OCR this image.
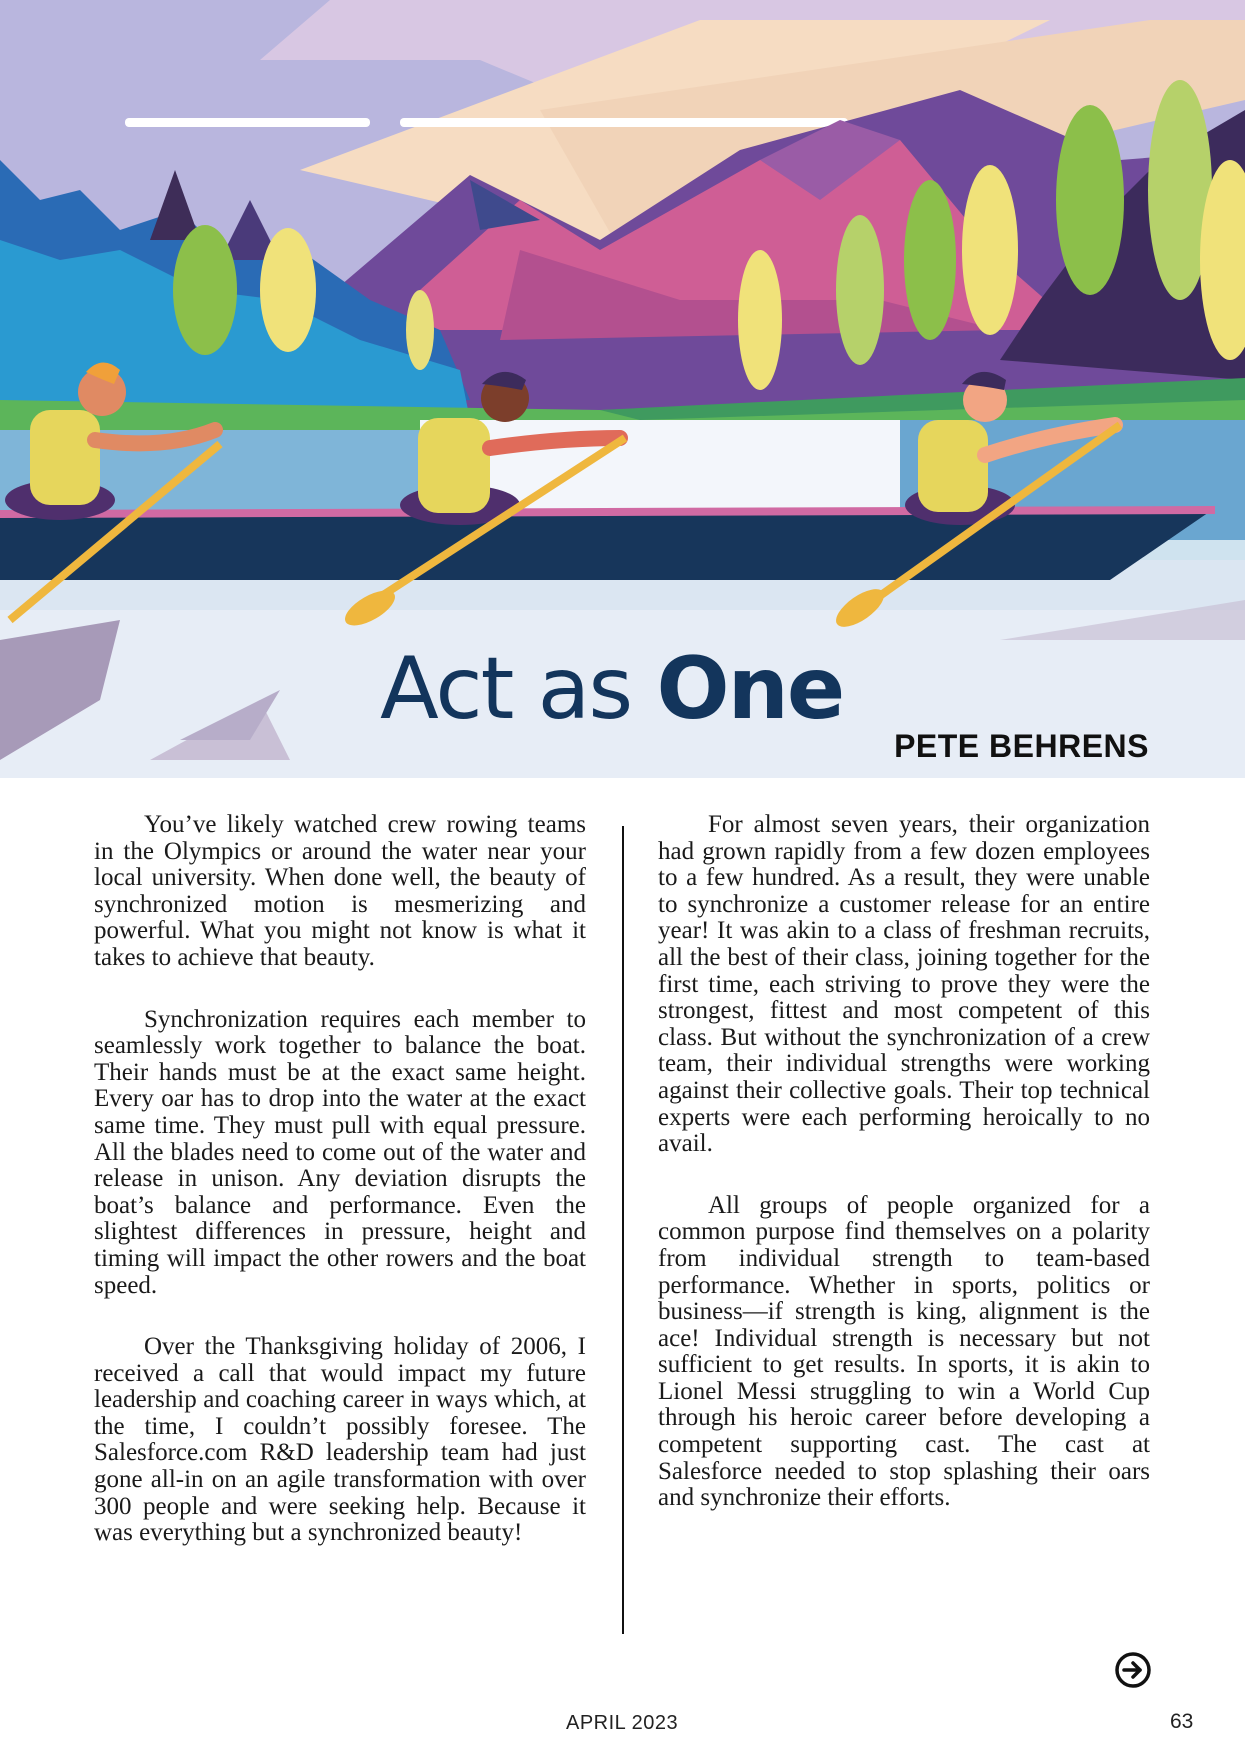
Act as One
PETE BEHRENS

You’ve likely watched crew rowing teams in the Olympics or around the water near your local university. When done well, the beauty of synchronized motion is mesmerizing and powerful. What you might not know is what it takes to achieve that beauty.

Synchronization requires each member to seamlessly work together to balance the boat. Their hands must be at the exact same height. Every oar has to drop into the water at the exact same time. They must pull with equal pressure. All the blades need to come out of the water and release in unison. Any deviation disrupts the boat’s balance and performance. Even the slightest differences in pressure, height and timing will impact the other rowers and the boat speed.

Over the Thanksgiving holiday of 2006, I received a call that would impact my future leadership and coaching career in ways which, at the time, I couldn’t possibly foresee. The Salesforce.com R&D leadership team had just gone all-in on an agile transformation with over 300 people and were seeking help. Because it was everything but a synchronized beauty!

For almost seven years, their organization had grown rapidly from a few dozen employees to a few hundred. As a result, they were unable to synchronize a customer release for an entire year! It was akin to a class of freshman recruits, all the best of their class, joining together for the first time, each striving to prove they were the strongest, fittest and most competent of this class. But without the synchronization of a crew team, their individual strengths were working against their collective goals. Their top technical experts were each performing heroically to no avail.

All groups of people organized for a common purpose find themselves on a polarity from individual strength to team-based performance. Whether in sports, politics or business—if strength is king, alignment is the ace! Individual strength is necessary but not sufficient to get results. In sports, it is akin to Lionel Messi struggling to win a World Cup through his heroic career before developing a competent supporting cast. The cast at Salesforce needed to stop splashing their oars and synchronize their efforts.

APRIL 2023	63
